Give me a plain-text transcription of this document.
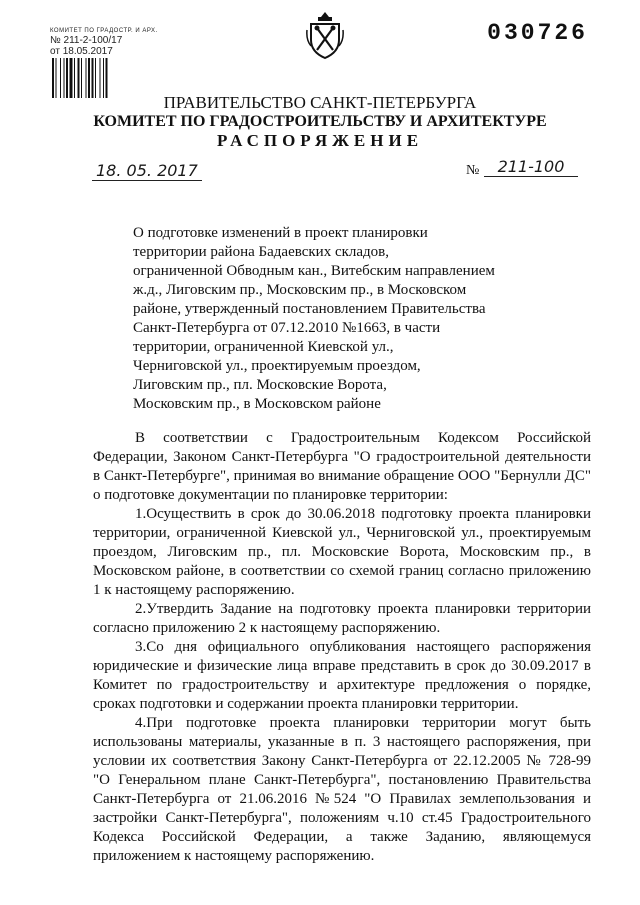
КОМИТЕТ ПО ГРАДОСТР. И АРХ.
№ 211-2-100/17
от 18.05.2017
030726
ПРАВИТЕЛЬСТВО САНКТ-ПЕТЕРБУРГА
КОМИТЕТ ПО ГРАДОСТРОИТЕЛЬСТВУ И АРХИТЕКТУРЕ
РАСПОРЯЖЕНИЕ
18. 05. 2017	№	211-100
О подготовке изменений в проект планировки
территории района Бадаевских складов,
ограниченной Обводным кан., Витебским направлением
ж.д., Лиговским пр., Московским пр., в Московском
районе, утвержденный постановлением Правительства
Санкт-Петербурга от 07.12.2010 №1663, в части
территории, ограниченной Киевской ул.,
Черниговской ул., проектируемым проездом,
Лиговским пр., пл. Московские Ворота,
Московским пр., в Московском районе

В соответствии с Градостроительным Кодексом Российской Федерации, Законом Санкт-Петербурга "О градостроительной деятельности в Санкт-Петербурге", принимая во внимание обращение ООО "Бернулли ДС" о подготовке документации по планировке территории:

1.Осуществить в срок до 30.06.2018 подготовку проекта планировки территории, ограниченной Киевской ул., Черниговской ул., проектируемым проездом, Лиговским пр., пл. Московские Ворота, Московским пр., в Московском районе, в соответствии со схемой границ согласно приложению 1 к настоящему распоряжению.

2.Утвердить Задание на подготовку проекта планировки территории согласно приложению 2 к настоящему распоряжению.

3.Со дня официального опубликования настоящего распоряжения юридические и физические лица вправе представить в срок до 30.09.2017 в Комитет по градостроительству и архитектуре предложения о порядке, сроках подготовки и содержании проекта планировки территории.

4.При подготовке проекта планировки территории могут быть использованы материалы, указанные в п. 3 настоящего распоряжения, при условии их соответствия Закону Санкт-Петербурга от 22.12.2005 № 728-99 "О Генеральном плане Санкт-Петербурга", постановлению Правительства Санкт-Петербурга от 21.06.2016 №524 "О Правилах землепользования и застройки Санкт-Петербурга", положениям ч.10 ст.45 Градостроительного Кодекса Российской Федерации, а также Заданию, являющемуся приложением к настоящему распоряжению.
